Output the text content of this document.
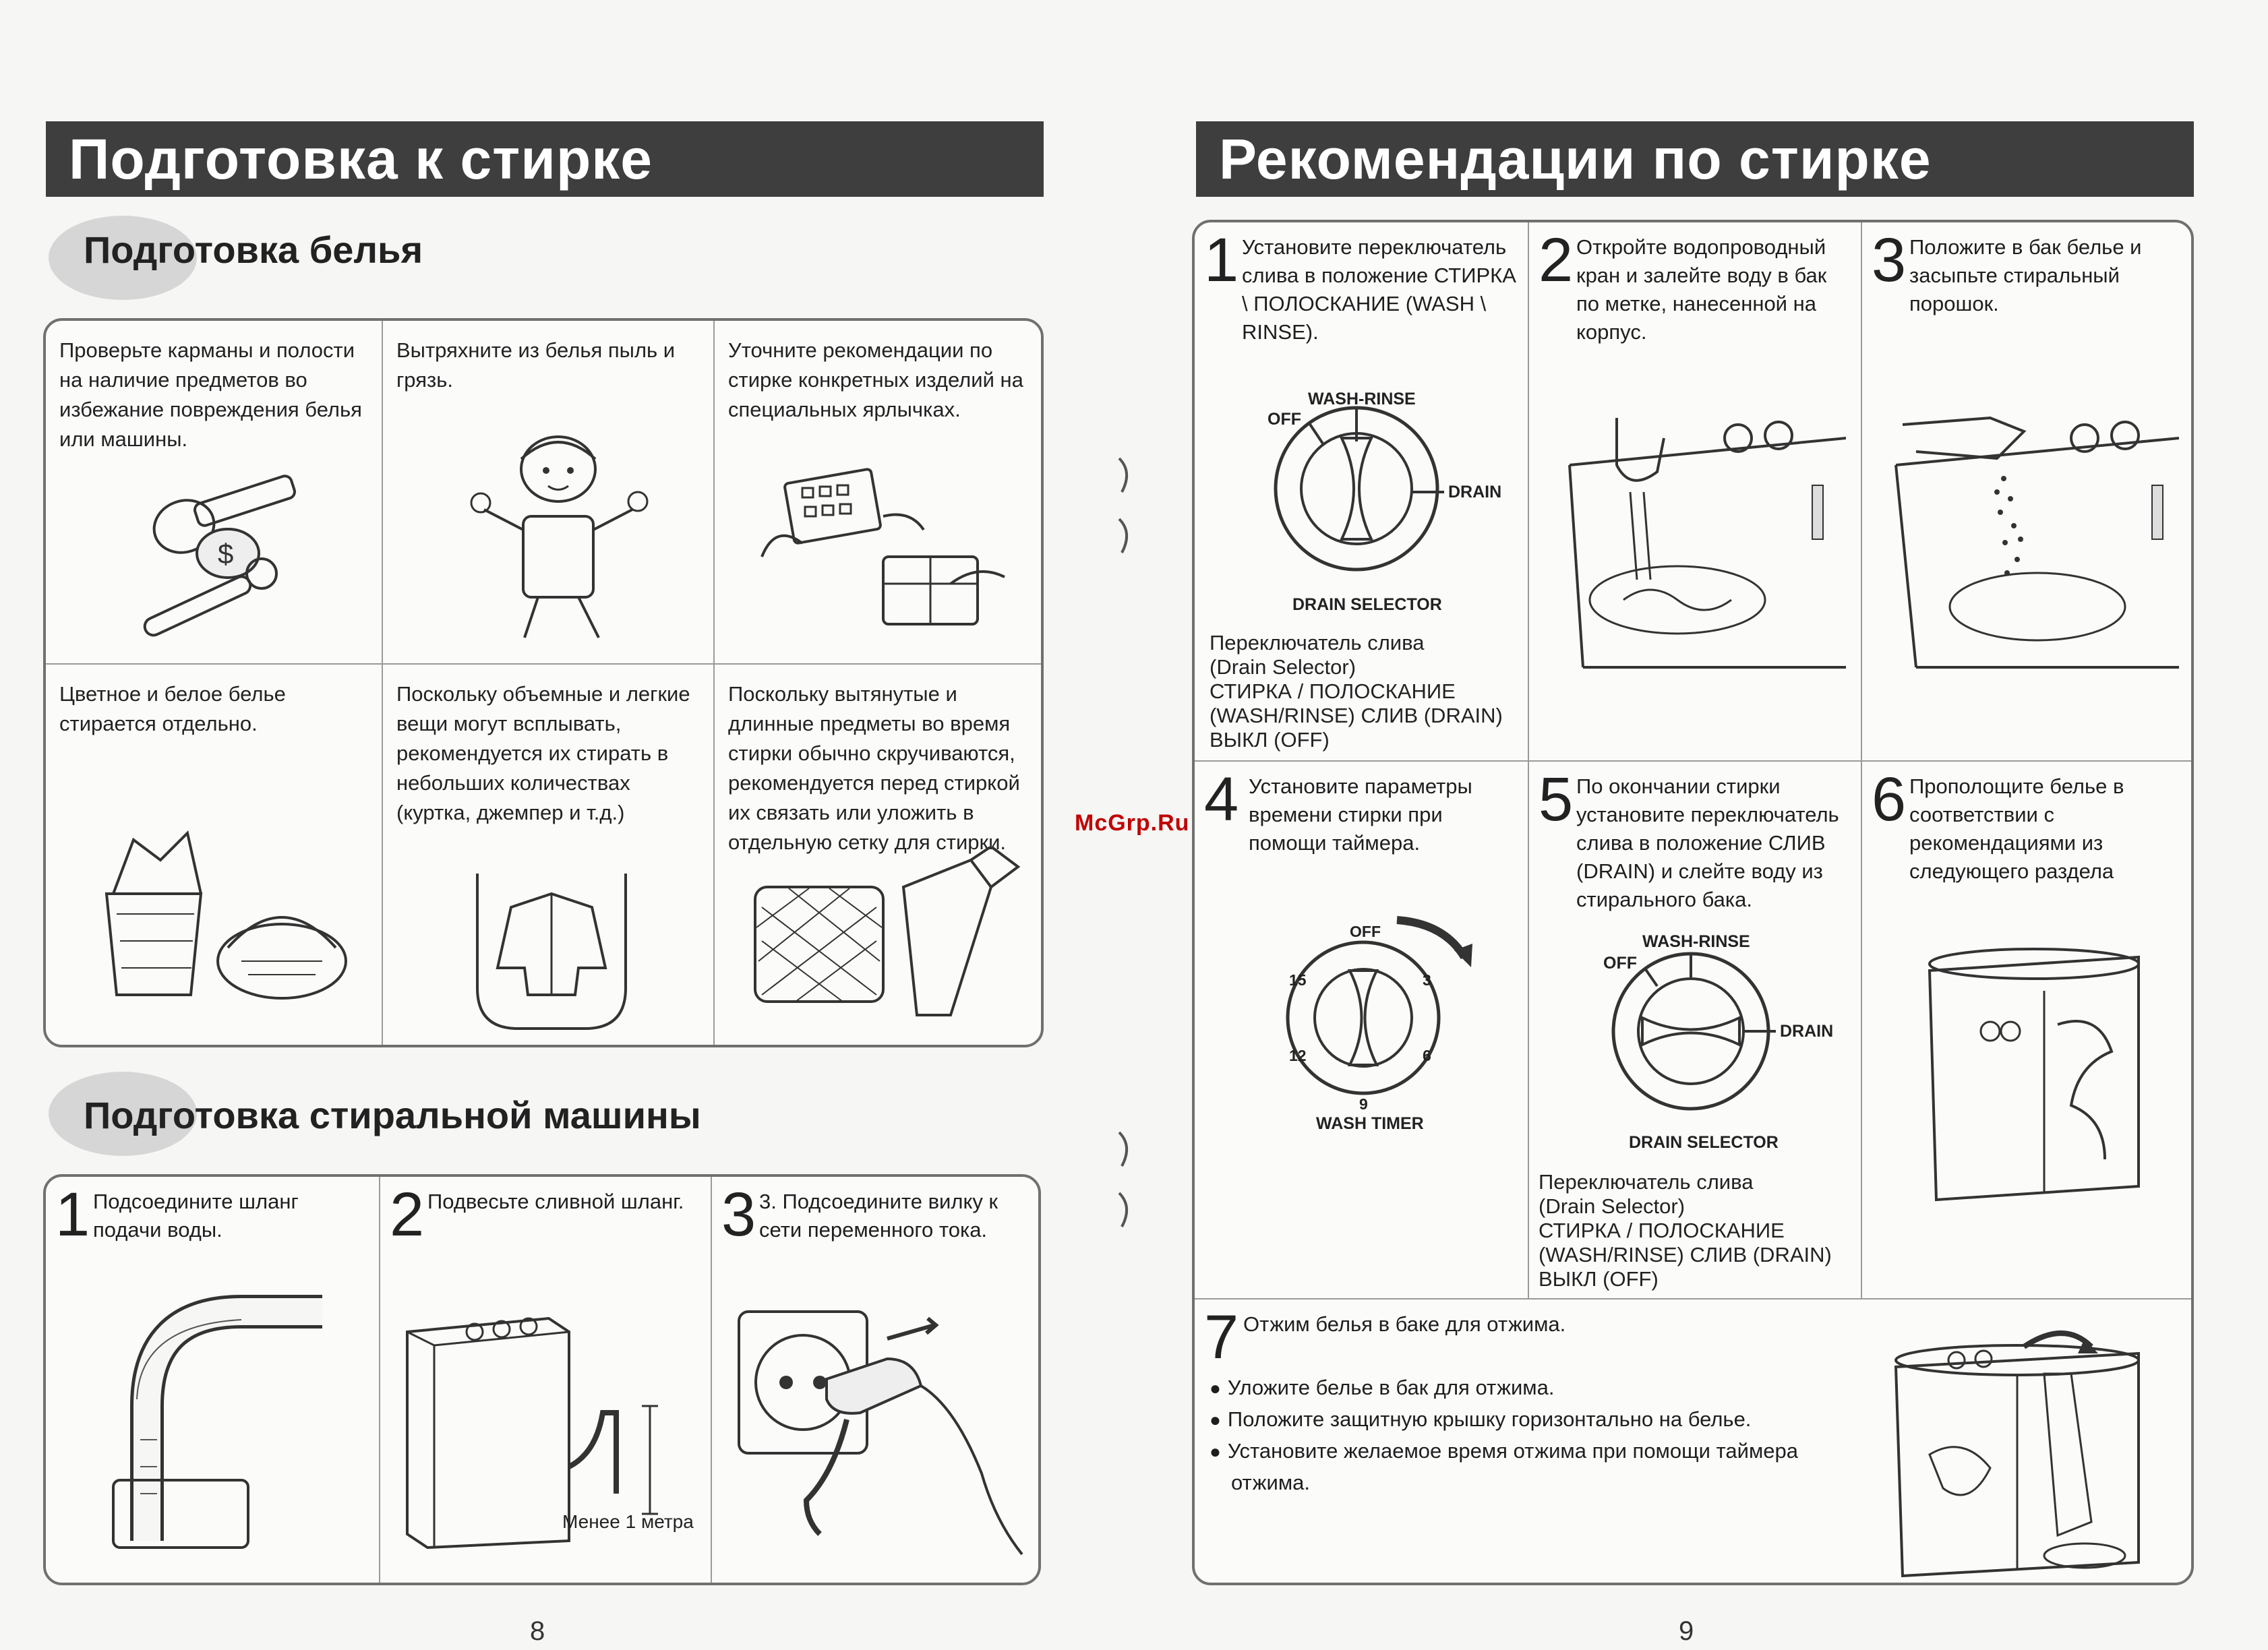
Подготовка к стирке
Подготовка белья
Проверьте карманы и полости на наличие предметов во избежание повреждения белья или машины.
$
Вытряхните из белья пыль и грязь.
Уточните рекомендации по стирке конкретных изделий на специальных ярлычках.
Цветное и белое белье стирается отдельно.
Поскольку объемные и легкие вещи могут всплывать, рекомендуется их стирать в небольших количествах (куртка, джемпер и т.д.)
Поскольку вытянутые и длинные предметы во время стирки обычно скручиваются, рекомендуется перед стиркой их связать или уложить в отдельную сетку для стирки.
Подготовка стиральной машины
1 Подсоедините шланг подачи воды.	2 Подвесьте сливной шланг.
Менее 1 метра
3 3. Подсоедините вилку к сети переменного тока.
8
McGrp.Ru
Рекомендации по стирке
1 Установите переключатель слива в положение СТИРКА \ ПОЛОСКАНИЕ (WASH \ RINSE).
WASH-RINSE
OFF
DRAIN
DRAIN SELECTOR
Переключатель слива
(Drain Selector)
СТИРКА / ПОЛОСКАНИЕ
(WASH/RINSE) СЛИВ (DRAIN)
ВЫКЛ (OFF)
2 Откройте водопроводный кран и залейте воду в бак по метке, нанесенной на корпус.
3 Положите в бак белье и засыпьте стиральный порошок.
4 Установите параметры времени стирки при помощи таймера.
OFF
3
6
9
12
15
WASH TIMER
5 По окончании стирки установите переключатель слива в положение СЛИВ (DRAIN) и слейте воду из стирального бака.
WASH-RINSE
OFF
DRAIN
DRAIN SELECTOR
Переключатель слива
(Drain Selector)
СТИРКА / ПОЛОСКАНИЕ
(WASH/RINSE) СЛИВ (DRAIN)
ВЫКЛ (OFF)
6 Прополощите белье в соответствии с рекомендациями из следующего раздела
7 Отжим белья в баке для отжима.
● Уложите белье в бак для отжима.
● Положите защитную крышку горизонтально на белье.
● Установите желаемое время отжима при помощи таймера отжима.
9
